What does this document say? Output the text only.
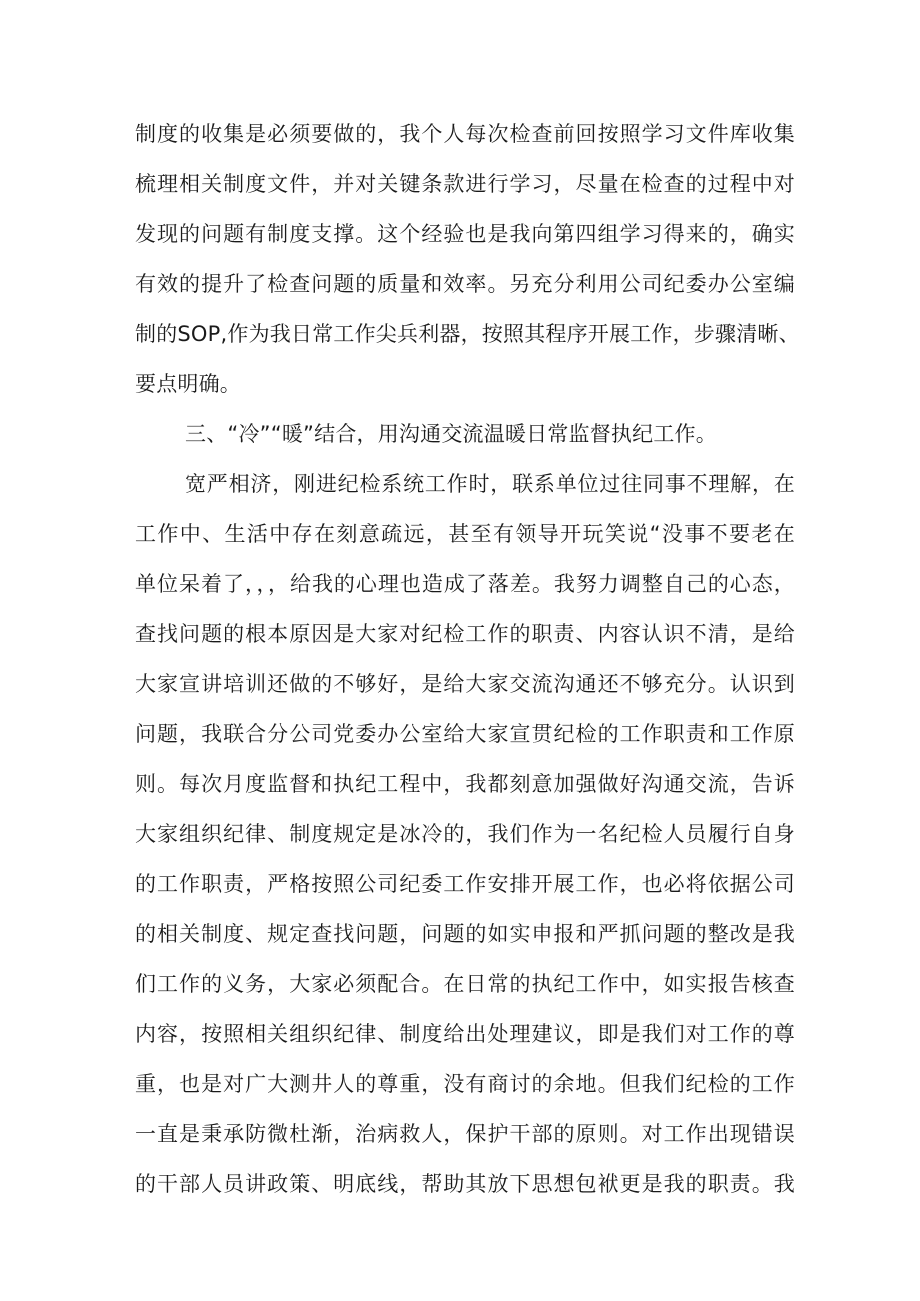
制度的收集是必须要做的，我个人每次检查前回按照学习文件库收集
梳理相关制度文件，并对关键条款进行学习，尽量在检查的过程中对
发现的问题有制度支撑。这个经验也是我向第四组学习得来的，确实
有效的提升了检查问题的质量和效率。另充分利用公司纪委办公室编
制的SOP,作为我日常工作尖兵利器，按照其程序开展工作，步骤清晰、
要点明确。
三、“冷”“暖”结合，用沟通交流温暖日常监督执纪工作。
宽严相济，刚进纪检系统工作时，联系单位过往同事不理解，在
工作中、生活中存在刻意疏远，甚至有领导开玩笑说“没事不要老在
单位呆着了，，，给我的心理也造成了落差。我努力调整自己的心态，
查找问题的根本原因是大家对纪检工作的职责、内容认识不清，是给
大家宣讲培训还做的不够好，是给大家交流沟通还不够充分。认识到
问题，我联合分公司党委办公室给大家宣贯纪检的工作职责和工作原
则。每次月度监督和执纪工程中，我都刻意加强做好沟通交流，告诉
大家组织纪律、制度规定是冰冷的，我们作为一名纪检人员履行自身
的工作职责，严格按照公司纪委工作安排开展工作，也必将依据公司
的相关制度、规定查找问题，问题的如实申报和严抓问题的整改是我
们工作的义务，大家必须配合。在日常的执纪工作中，如实报告核查
内容，按照相关组织纪律、制度给出处理建议，即是我们对工作的尊
重，也是对广大测井人的尊重，没有商讨的余地。但我们纪检的工作
一直是秉承防微杜渐，治病救人，保护干部的原则。对工作出现错误
的干部人员讲政策、明底线，帮助其放下思想包袱更是我的职责。我
